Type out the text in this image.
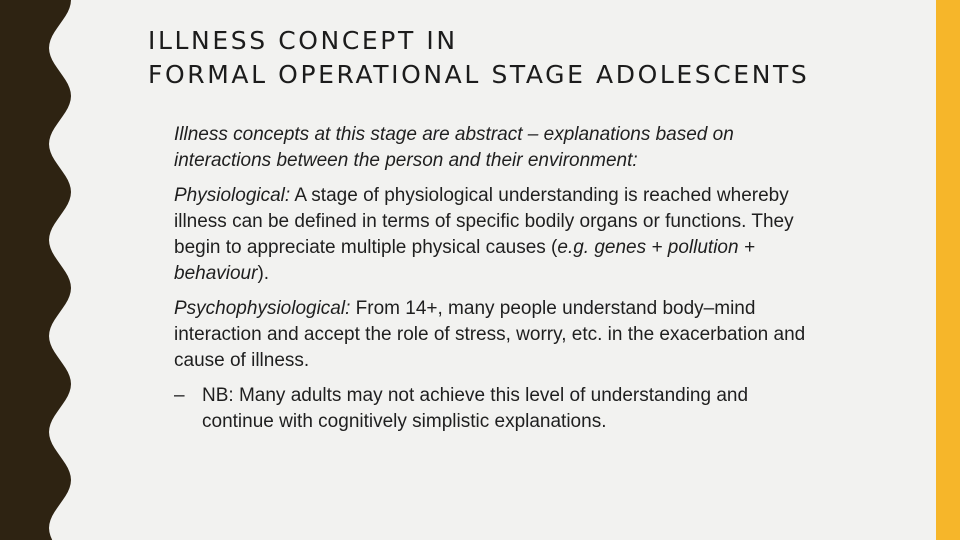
ILLNESS CONCEPT IN
FORMAL OPERATIONAL STAGE ADOLESCENTS

Illness concepts at this stage are abstract – explanations based on interactions between the person and their environment:

Physiological: A stage of physiological understanding is reached whereby illness can be defined in terms of specific bodily organs or functions. They begin to appreciate multiple physical causes (e.g. genes + pollution + behaviour).

Psychophysiological: From 14+, many people understand body–mind interaction and accept the role of stress, worry, etc. in the exacerbation and cause of illness.

– NB: Many adults may not achieve this level of understanding and continue with cognitively simplistic explanations.
